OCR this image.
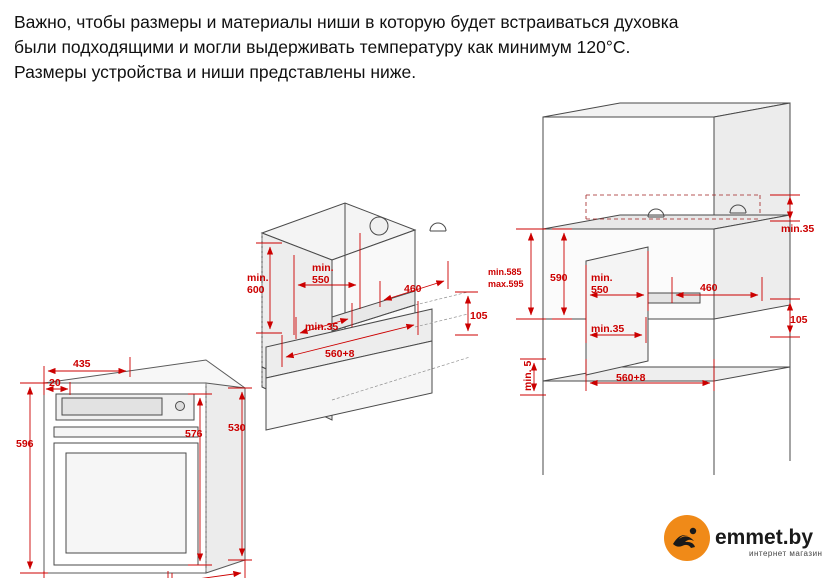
Важно, чтобы размеры и материалы ниши в которую будет встраиваться духовка

были подходящими и могли выдерживать температуру как минимум 120°C.

Размеры устройства и ниши представлены ниже.

435
20
596
576 530
min.
600
min.
550
460
min.35
105
560+8
min.35
min.585
max.595	590 min.
550	460
min.35
105
min. 5	560+8
emmet.by
интернет магазин
